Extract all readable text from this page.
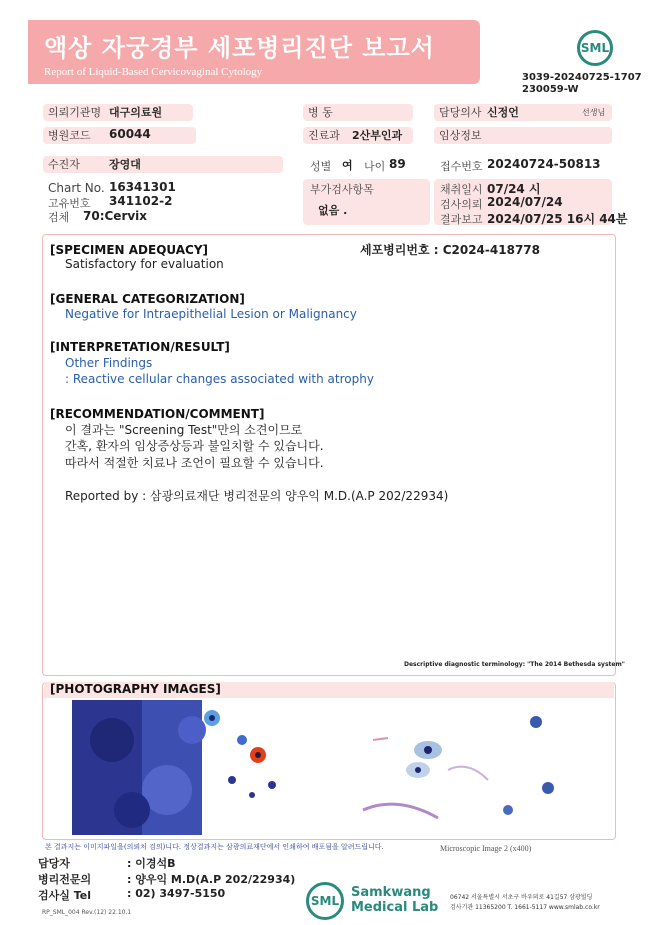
액상 자궁경부 세포병리진단 보고서
Report of Liquid-Based Cervicovaginal Cytology
SML
3039-20240725-1707
230059-W
의뢰기관명 대구의료원	병 동	담당의사 신정언	선생님
병원코드	60044	진료과	2산부인과	임상정보
수진자	장영대	성별 여 나이 89	접수번호 20240724-50813
Chart No. 16341301
고유번호 341102-2
검체 70:Cervix
부가검사항목
없음 .
채취일시 07/24 시
검사의뢰 2024/07/24
결과보고 2024/07/25 16시 44분
세포병리번호 : C2024-418778
[SPECIMEN ADEQUACY]
Satisfactory for evaluation
[GENERAL CATEGORIZATION]
Negative for Intraepithelial Lesion or Malignancy
[INTERPRETATION/RESULT]
Other Findings
: Reactive cellular changes associated with atrophy
[RECOMMENDATION/COMMENT]
이 결과는 "Screening Test"만의 소견이므로
간혹, 환자의 임상증상등과 불일치할 수 있습니다.
따라서 적절한 치료나 조언이 필요할 수 있습니다.
Reported by : 삼광의료재단 병리전문의 양우익 M.D.(A.P 202/22934)
Descriptive diagnostic terminology: "The 2014 Bethesda system"
[PHOTOGRAPHY IMAGES]
본 결과지는 이미지파일을(의뢰처 검의)니다. 정상결과지는 삼광의료재단에서 인쇄하여 배포됨을 알려드립니다.	Microscopic Image 2 (x400)
담당자	: 이경석B
병리전문의	: 양우익 M.D(A.P 202/22934)
검사실 Tel	: 02) 3497-5150
SML
Samkwang
Medical Lab
06742 서울특별시 서초구 바우뫼로 41길57 삼광빌딩
검사기관 11365200 T. 1661-5117 www.smlab.co.kr
RP_SML_004 Rev.(12) 22.10.1
